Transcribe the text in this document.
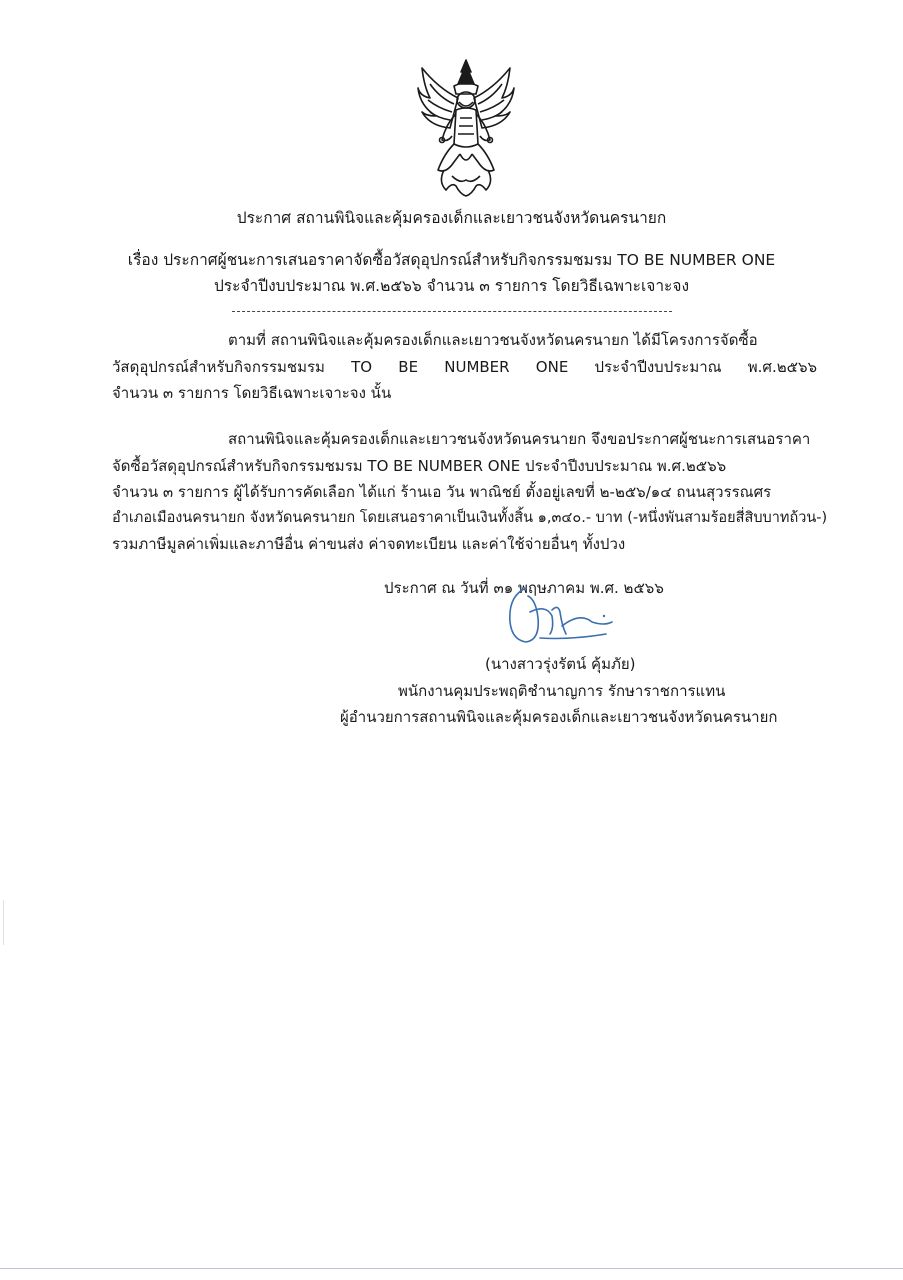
ประกาศ สถานพินิจและคุ้มครองเด็กและเยาวชนจังหวัดนครนายก
เรื่อง ประกาศผู้ชนะการเสนอราคาจัดซื้อวัสดุอุปกรณ์สำหรับกิจกรรมชมรม TO BE NUMBER ONE
ประจำปีงบประมาณ พ.ศ.๒๕๖๖ จำนวน ๓ รายการ โดยวิธีเฉพาะเจาะจง
ตามที่ สถานพินิจและคุ้มครองเด็กและเยาวชนจังหวัดนครนายก ได้มีโครงการจัดซื้อ
วัสดุอุปกรณ์สำหรับกิจกรรมชมรม TO BE NUMBER ONE ประจำปีงบประมาณ พ.ศ.๒๕๖๖
จำนวน ๓ รายการ โดยวิธีเฉพาะเจาะจง นั้น
สถานพินิจและคุ้มครองเด็กและเยาวชนจังหวัดนครนายก จึงขอประกาศผู้ชนะการเสนอราคา
จัดซื้อวัสดุอุปกรณ์สำหรับกิจกรรมชมรม TO BE NUMBER ONE ประจำปีงบประมาณ พ.ศ.๒๕๖๖
จำนวน ๓ รายการ ผู้ได้รับการคัดเลือก ได้แก่ ร้านเอ วัน พาณิชย์ ตั้งอยู่เลขที่ ๒-๒๕๖/๑๔ ถนนสุวรรณศร
อำเภอเมืองนครนายก จังหวัดนครนายก โดยเสนอราคาเป็นเงินทั้งสิ้น ๑,๓๔๐.- บาท (-หนึ่งพันสามร้อยสี่สิบบาทถ้วน-)
รวมภาษีมูลค่าเพิ่มและภาษีอื่น ค่าขนส่ง ค่าจดทะเบียน และค่าใช้จ่ายอื่นๆ ทั้งปวง
ประกาศ ณ วันที่ ๓๑ พฤษภาคม พ.ศ. ๒๕๖๖
(นางสาวรุ่งรัตน์ คุ้มภัย)
พนักงานคุมประพฤติชำนาญการ รักษาราชการแทน
ผู้อำนวยการสถานพินิจและคุ้มครองเด็กและเยาวชนจังหวัดนครนายก
